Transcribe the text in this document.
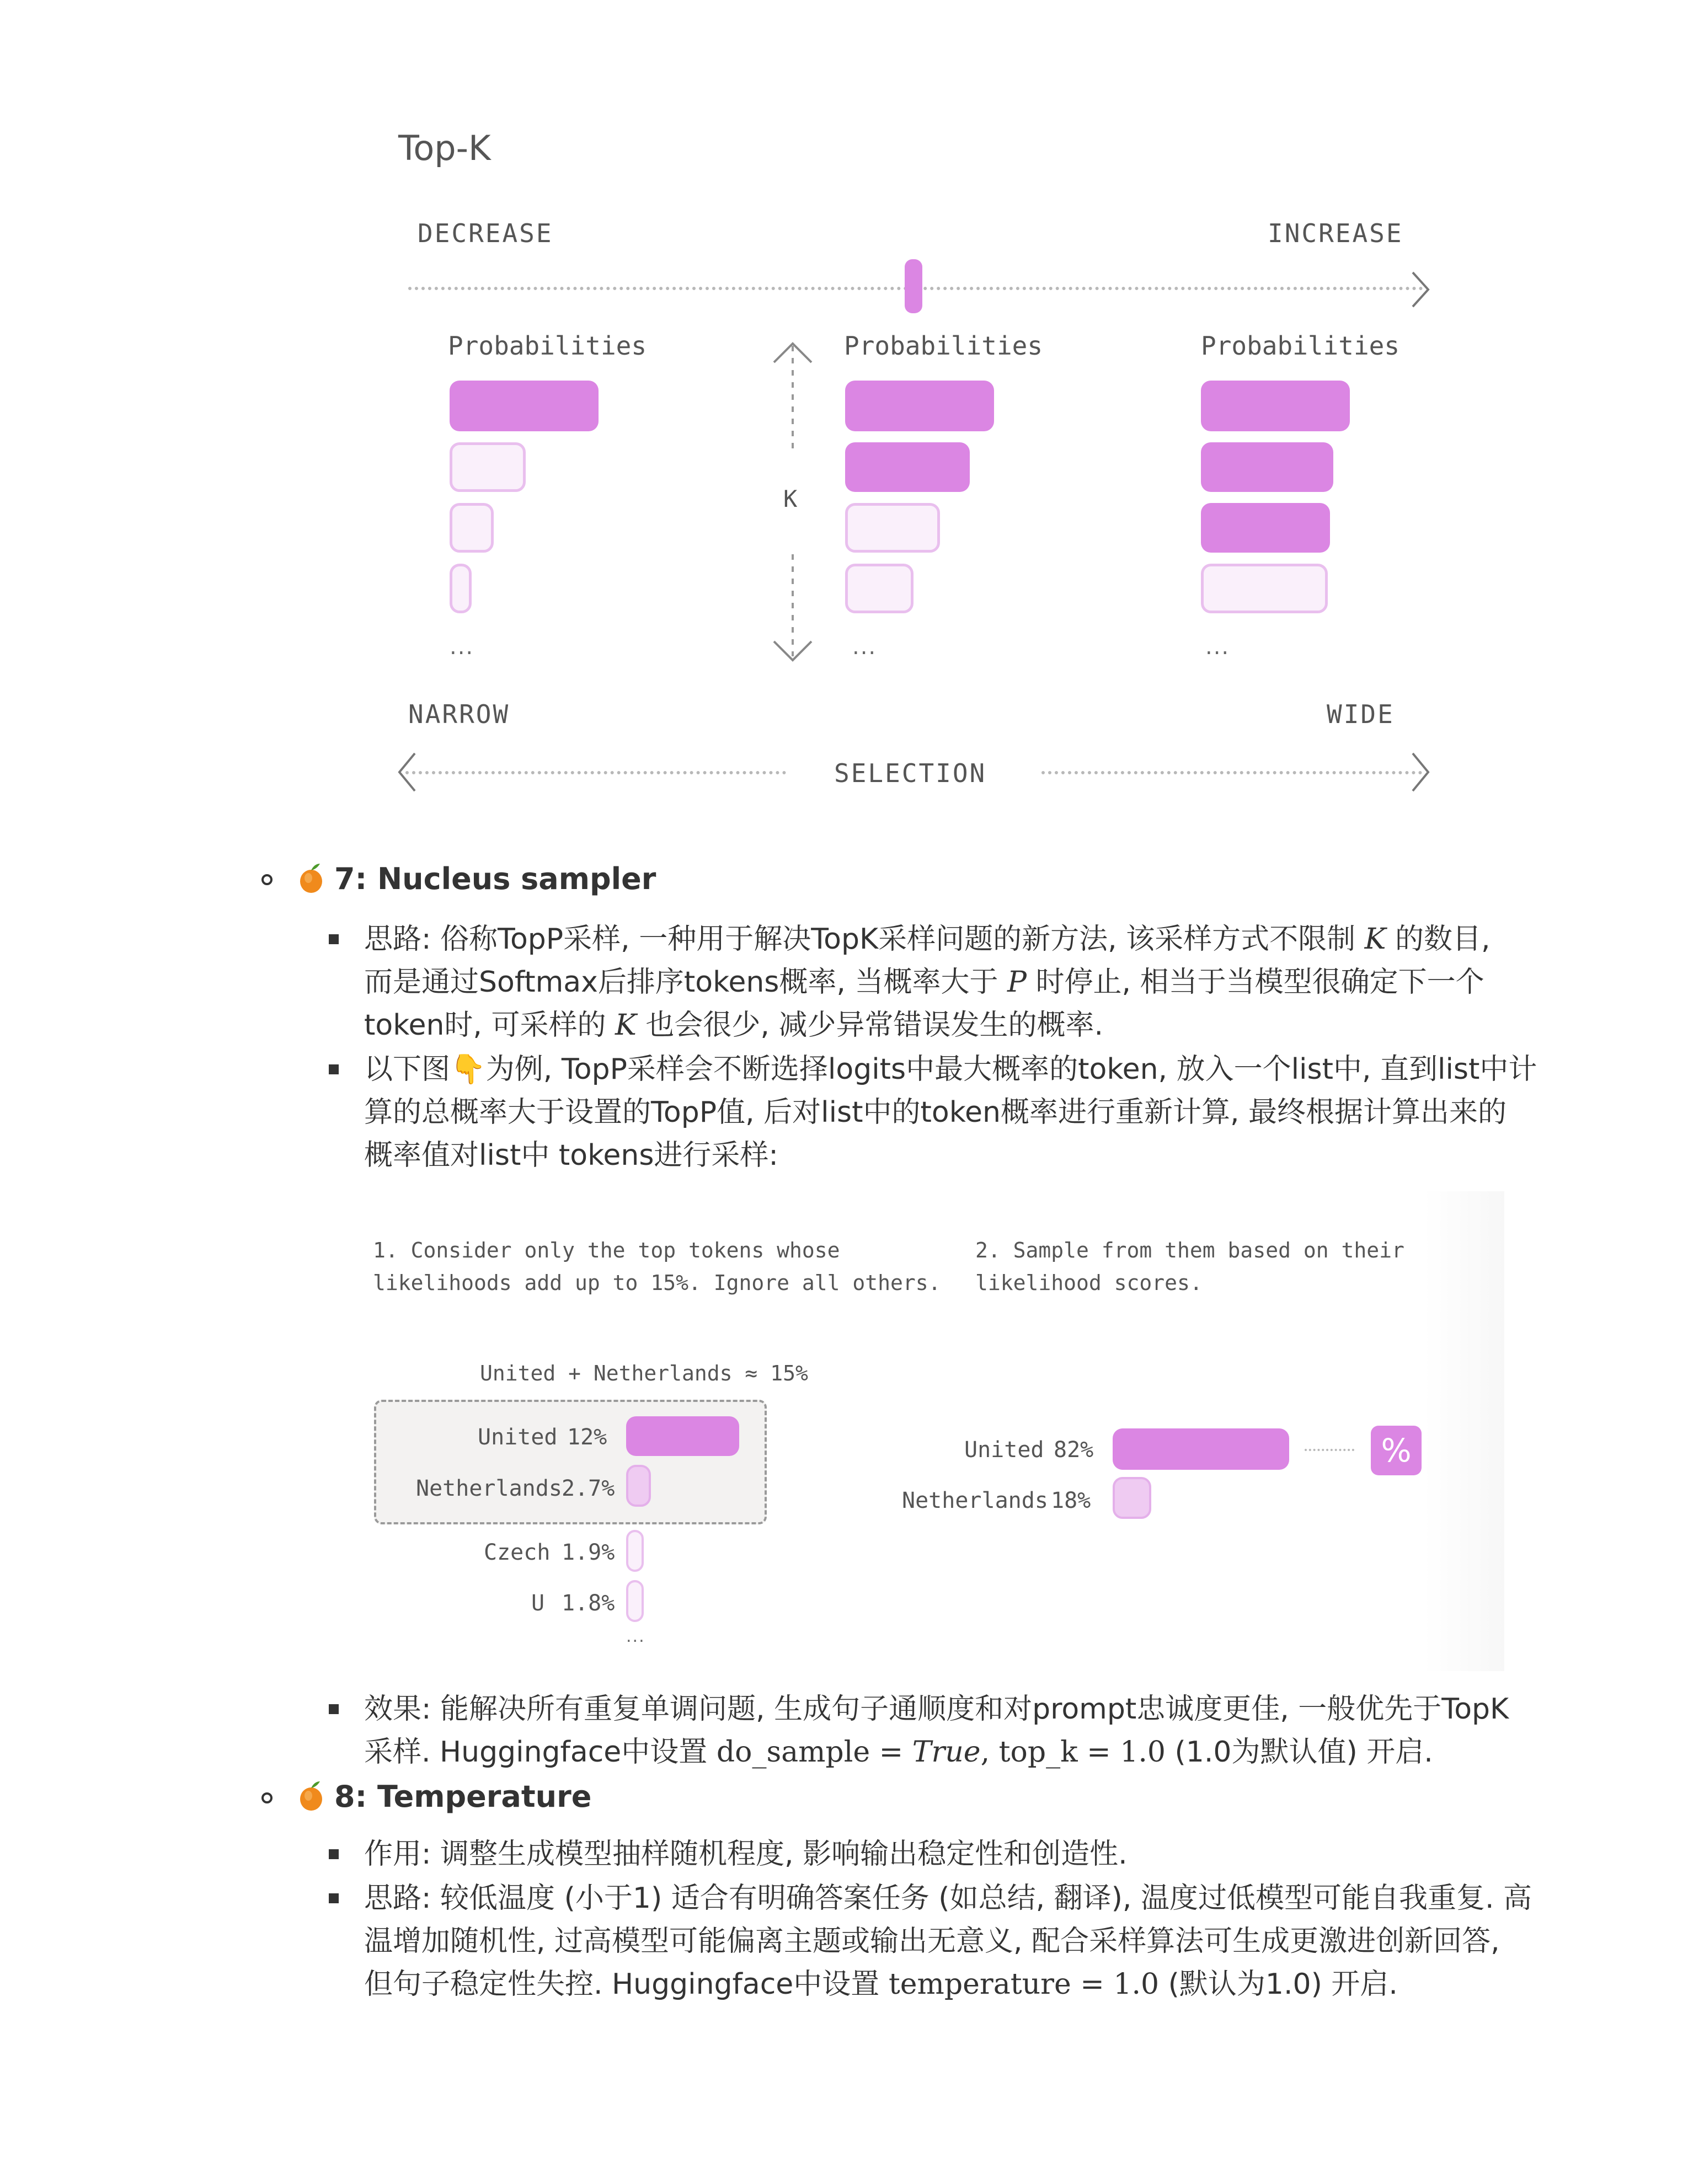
Top-K
DECREASE	INCREASE
Probabilities	Probabilities	Probabilities
K
...	...	...
NARROW	WIDE
SELECTION
7: Nucleus sampler
思路: 俗称TopP采样, 一种用于解决TopK采样问题的新方法, 该采样方式不限制 K 的数目,
而是通过Softmax后排序tokens概率, 当概率大于 P 时停止, 相当于当模型很确定下一个
token时, 可采样的 K 也会很少, 减少异常错误发生的概率.
以下图👇为例, TopP采样会不断选择logits中最大概率的token, 放入一个list中, 直到list中计
算的总概率大于设置的TopP值, 后对list中的token概率进行重新计算, 最终根据计算出来的
概率值对list中 tokens进行采样:
1. Consider only the top tokens whose
likelihoods add up to 15%. Ignore all others.
United + Netherlands ≈ 15%
United 12%
Netherlands 2.7%
Czech 1.9%
U 1.8%
...
2. Sample from them based on their
likelihood scores.
United 82%	%
Netherlands 18%
效果: 能解决所有重复单调问题, 生成句子通顺度和对prompt忠诚度更佳, 一般优先于TopK
采样. Huggingface中设置 do_sample = True, top_k = 1.0 (1.0为默认值) 开启.
8: Temperature
作用: 调整生成模型抽样随机程度, 影响输出稳定性和创造性.
思路: 较低温度 (小于1) 适合有明确答案任务 (如总结, 翻译), 温度过低模型可能自我重复. 高
温增加随机性, 过高模型可能偏离主题或输出无意义, 配合采样算法可生成更激进创新回答,
但句子稳定性失控. Huggingface中设置 temperature = 1.0 (默认为1.0) 开启.
